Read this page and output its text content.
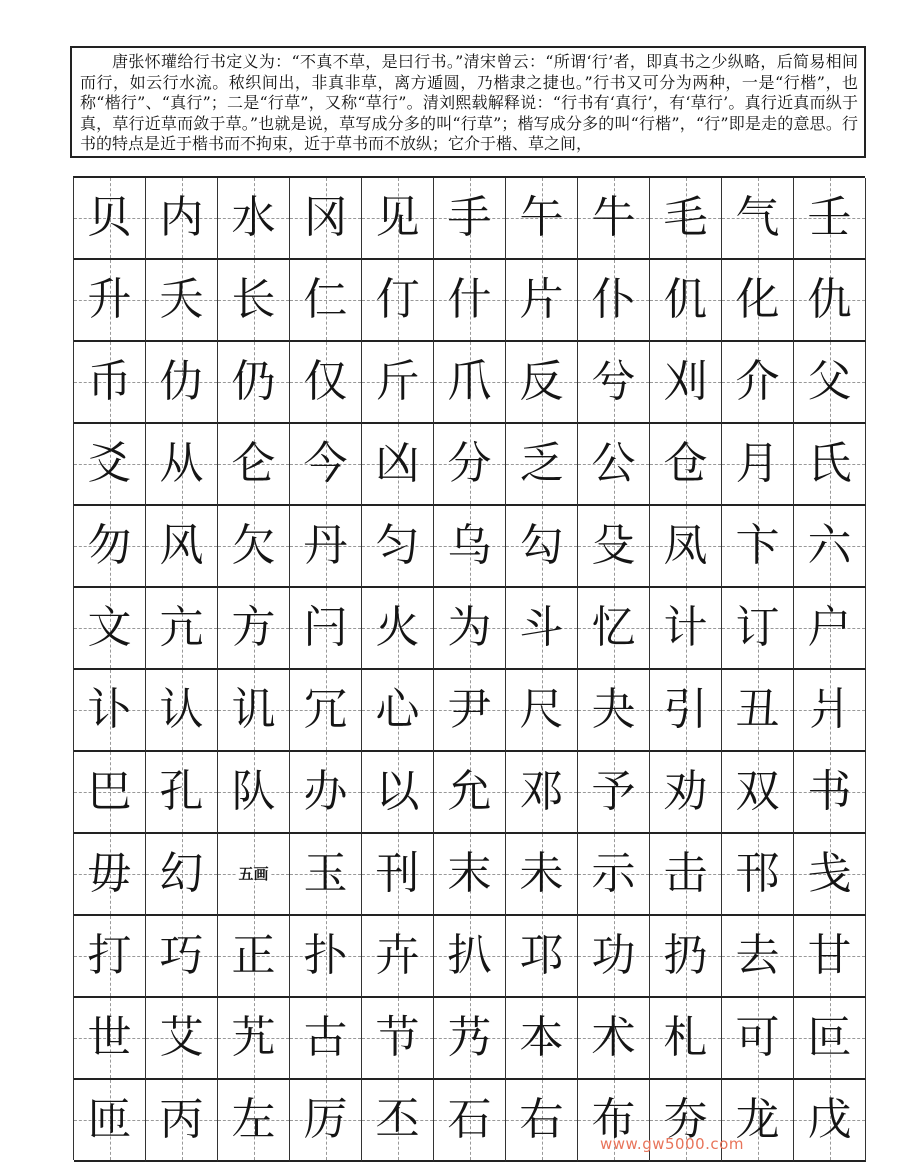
唐张怀瓘给行书定义为：“不真不草，是曰行书。”清宋曾云：“所谓‘行’者，即真书之少纵略，后简易相间而行，如云行水流。秾织间出，非真非草，离方遁圆，乃楷隶之捷也。”行书又可分为两种，一是“行楷”，也称“楷行”、“真行”；二是“行草”，又称“草行”。清刘熙载解释说：“行书有‘真行’，有‘草行’。真行近真而纵于真，草行近草而敛于草。”也就是说，草写成分多的叫“行草”；楷写成分多的叫“行楷”，“行”即是走的意思。行书的特点是近于楷书而不拘束，近于草书而不放纵；它介于楷、草之间，

贝 内 水 冈 见 手 午 牛 毛 气 壬
升 夭 长 仁 仃 什 片 仆 仉 化 仇
币 仂 仍 仅 斤 爪 反 兮 刈 介 父
爻 从 仑 今 凶 分 乏 公 仓 月 氏
勿 风 欠 丹 匀 乌 勾 殳 凤 卞 六
文 亢 方 闩 火 为 斗 忆 计 订 户
讣 认 讥 冗 心 尹 尺 夬 引 丑 爿
巴 孔 队 办 以 允 邓 予 劝 双 书
毋 幻 五画 玉 刊 末 未 示 击 邗 戋
打 巧 正 扑 卉 扒 邛 功 扔 去 甘
世 艾 艽 古 节 艿 本 术 札 可 叵
匝 丙 左 厉 丕 石 右 布 夯 龙 戊
www.gw5000.com
